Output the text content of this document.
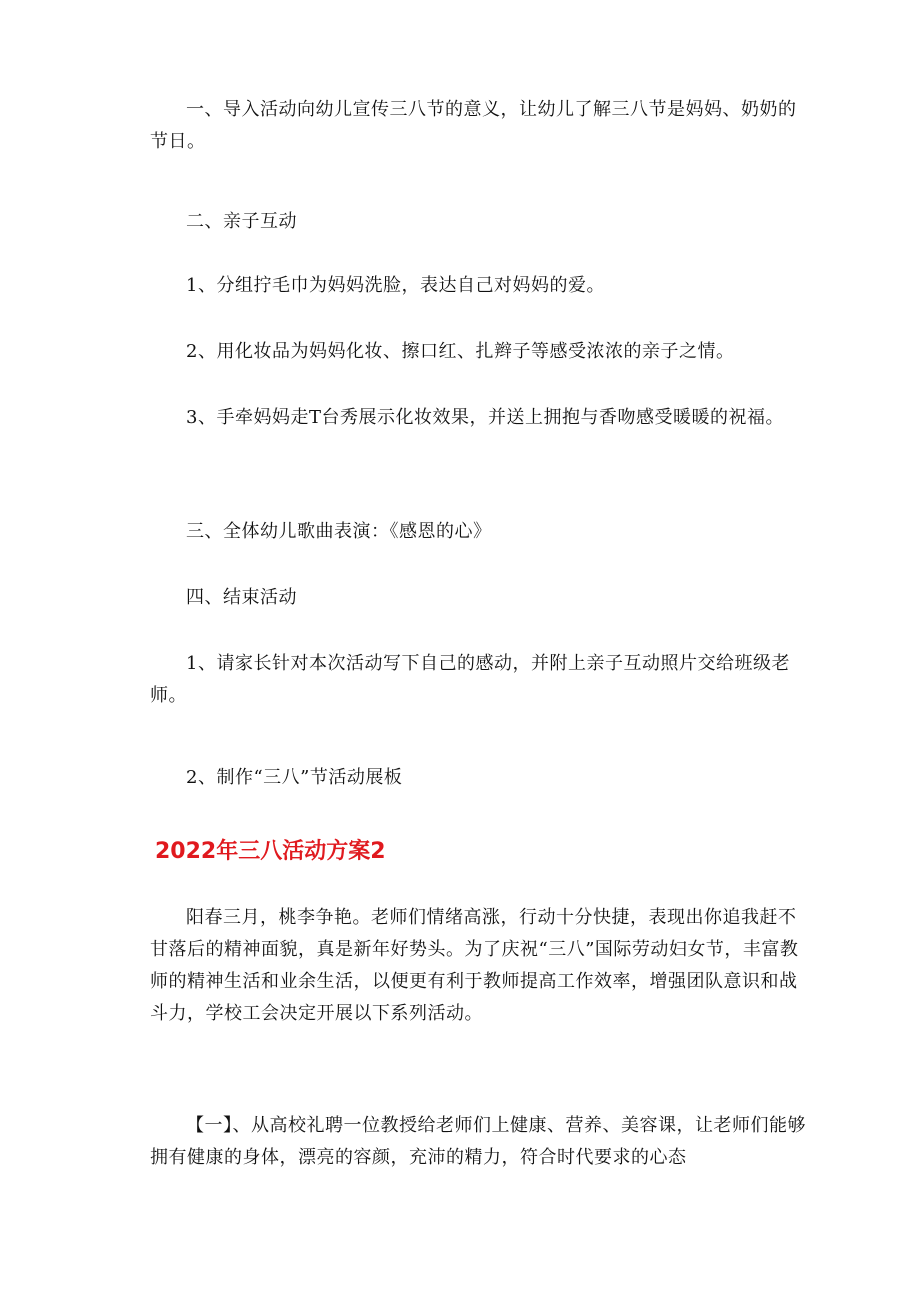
一、导入活动向幼儿宣传三八节的意义，让幼儿了解三八节是妈妈、奶奶的节日。

二、亲子互动

1、分组拧毛巾为妈妈洗脸，表达自己对妈妈的爱。

2、用化妆品为妈妈化妆、擦口红、扎辫子等感受浓浓的亲子之情。

3、手牵妈妈走T台秀展示化妆效果，并送上拥抱与香吻感受暖暖的祝福。

三、全体幼儿歌曲表演：《感恩的心》

四、结束活动

1、请家长针对本次活动写下自己的感动，并附上亲子互动照片交给班级老师。

2、制作“三八”节活动展板

2022年三八活动方案2

阳春三月，桃李争艳。老师们情绪高涨，行动十分快捷，表现出你追我赶不甘落后的精神面貌，真是新年好势头。为了庆祝“三八”国际劳动妇女节，丰富教师的精神生活和业余生活，以便更有利于教师提高工作效率，增强团队意识和战斗力，学校工会决定开展以下系列活动。

【一】、从高校礼聘一位教授给老师们上健康、营养、美容课，让老师们能够拥有健康的身体，漂亮的容颜，充沛的精力，符合时代要求的心态
